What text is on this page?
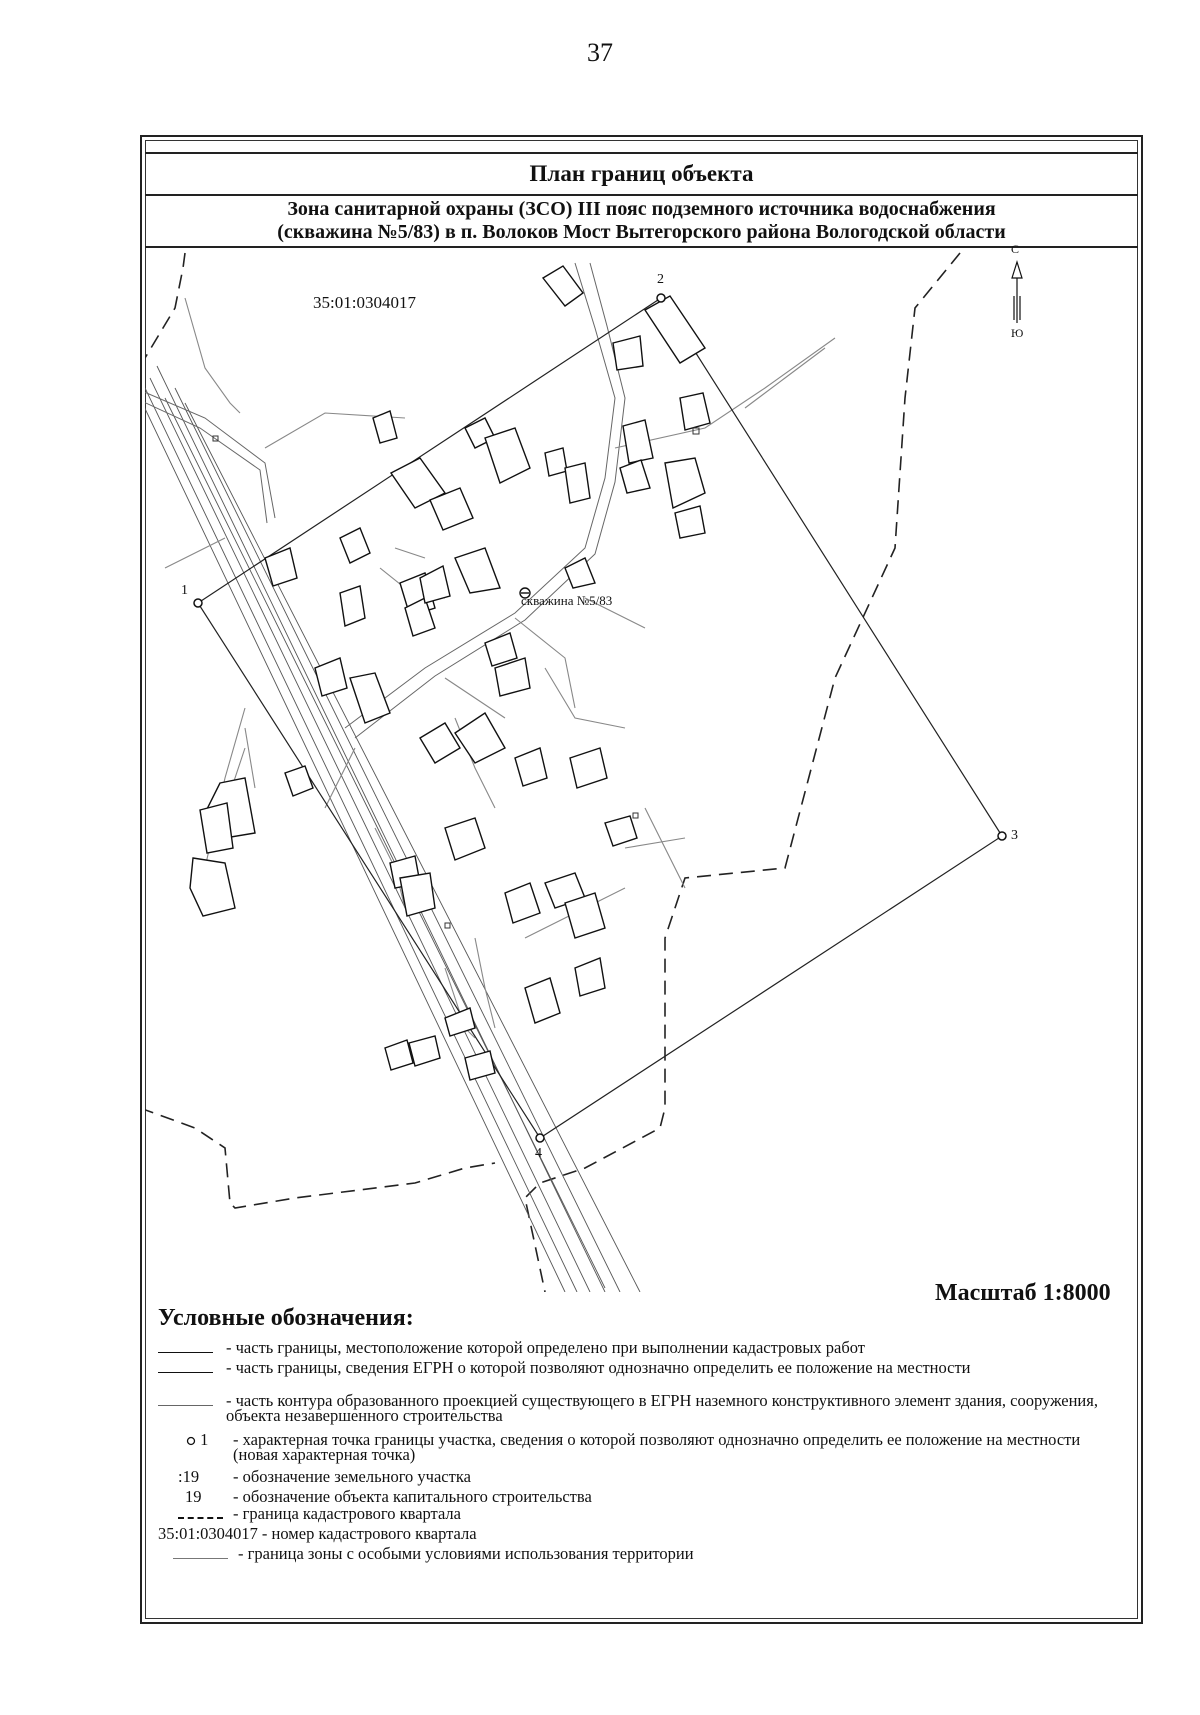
37
План границ объекта
Зона санитарной охраны (ЗСО) III пояс подземного источника водоснабжения
(скважина №5/83) в п. Волоков Мост Вытегорского района Вологодской области
35:01:0304017
скважина №5/83
С
Ю
1
2
3
4
Масштаб 1:8000
Условные обозначения:
- часть границы, местоположение которой определено при выполнении кадастровых работ
- часть границы, сведения ЕГРН о которой позволяют однозначно определить ее положение на местности
- часть контура образованного проекцией существующего в ЕГРН наземного конструктивного элемент здания, сооружения, объекта незавершенного строительства
1 - характерная точка границы участка, сведения о которой позволяют однозначно определить ее положение на местности (новая характерная точка)
:19 - обозначение земельного участка
19 - обозначение объекта капитального строительства
- граница кадастрового квартала
35:01:0304017 - номер кадастрового квартала
- граница зоны с особыми условиями использования территории
